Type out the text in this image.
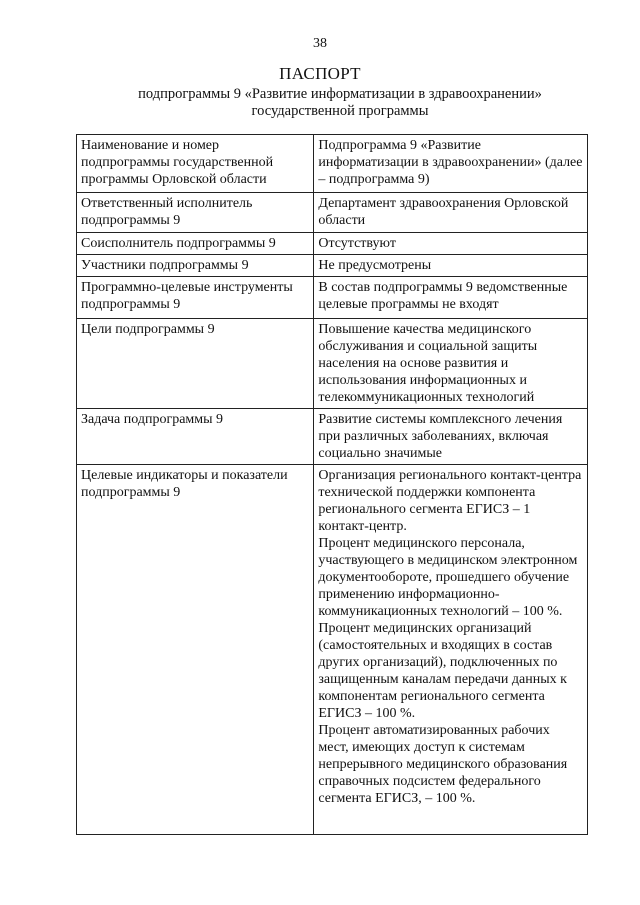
38
ПАСПОРТ
подпрограммы 9 «Развитие информатизации в здравоохранении»
государственной программы
Наименование и номер подпрограммы государственной программы Орловской области	Подпрограмма 9 «Развитие информатизации в здравоохранении» (далее – подпрограмма 9)

Ответственный исполнитель подпрограммы 9	Департамент здравоохранения Орловской области

Соисполнитель подпрограммы 9	Отсутствуют

Участники подпрограммы 9	Не предусмотрены

Программно-целевые инструменты подпрограммы 9	В состав подпрограммы 9 ведомственные целевые программы не входят

Цели подпрограммы 9	Повышение качества медицинского обслуживания и социальной защиты населения на основе развития и использования информационных и телекоммуникационных технологий

Задача подпрограммы 9	Развитие системы комплексного лечения при различных заболеваниях, включая социально значимые

Целевые индикаторы и показатели подпрограммы 9	Организация регионального контакт-центра технической поддержки компонента регионального сегмента ЕГИСЗ – 1 контакт-центр.
Процент медицинского персонала, участвующего в медицинском электронном документообороте, прошедшего обучение применению информационно-коммуникационных технологий – 100 %.
Процент медицинских организаций (самостоятельных и входящих в состав других организаций), подключенных по защищенным каналам передачи данных к компонентам регионального сегмента ЕГИСЗ – 100 %.
Процент автоматизированных рабочих мест, имеющих доступ к системам непрерывного медицинского образования справочных подсистем федерального сегмента ЕГИСЗ, – 100 %.
